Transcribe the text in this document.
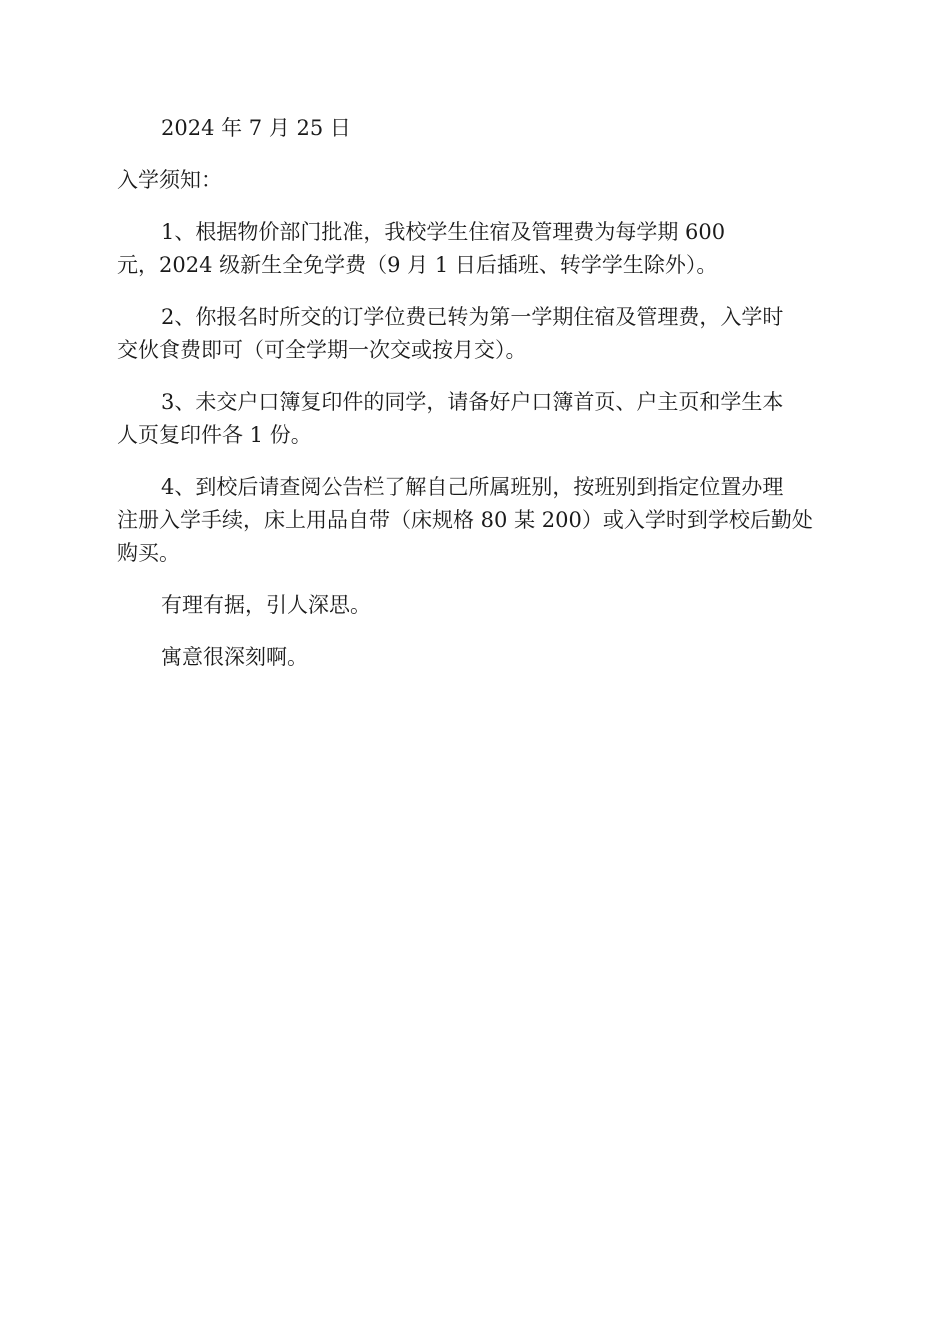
2024 年 7 月 25 日

入学须知：

1、根据物价部门批准，我校学生住宿及管理费为每学期 600
元，2024 级新生全免学费（9 月 1 日后插班、转学学生除外）。

2、你报名时所交的订学位费已转为第一学期住宿及管理费，入学时
交伙食费即可（可全学期一次交或按月交）。

3、未交户口簿复印件的同学，请备好户口簿首页、户主页和学生本
人页复印件各 1 份。

4、到校后请查阅公告栏了解自己所属班别，按班别到指定位置办理
注册入学手续，床上用品自带（床规格 80 某 200）或入学时到学校后勤处
购买。

有理有据，引人深思。

寓意很深刻啊。
